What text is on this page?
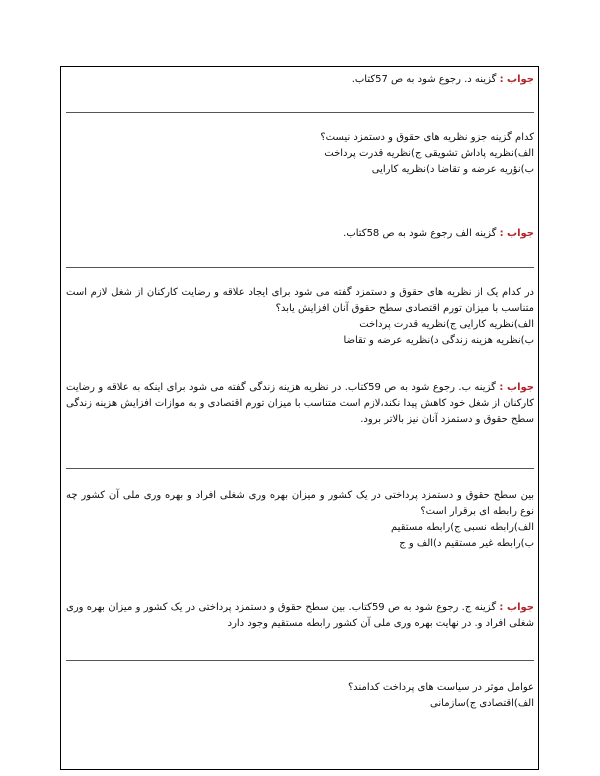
جواب : گزینه د. رجوع شود به ص 57کتاب.

کدام گزینه جزو نظریه های حقوق و دستمزد نیست؟
الف)نظریه پاداش تشویقی ج)نظریه قدرت پرداخت
ب)نؤریه عرضه و تقاضا د)نظریه کارایی

جواب : گزینه الف رجوع شود به ص 58کتاب.

در کدام یک از نظریه های حقوق و دستمزد گفته می شود برای ایجاد علاقه و رضایت کارکنان از شغل لازم است متناسب با میزان تورم اقتصادی سطح حقوق آنان افزایش یابد؟
الف)نظریه کارایی ج)نظریه قدرت پرداخت
ب)نظریه هزینه زندگی د)نظریه عرضه و تقاضا

جواب : گزینه ب. رجوع شود به ص 59کتاب. در نظریه هزینه زندگی گفته می شود برای اینکه به علاقه و رضایت کارکنان از شغل خود کاهش پیدا نکند،لازم است متناسب با میزان تورم اقتصادی و به موازات افزایش هزینه زندگی سطح حقوق و دستمزد آنان نیز بالاتر برود.

بین سطح حقوق و دستمزد پرداختی در یک کشور و میزان بهره وری شغلی افراد و بهره وری ملی آن کشور چه نوع رابطه ای برقرار است؟
الف)رابطه نسبی ج)رابطه مستقیم
ب)رابطه غیر مستقیم د)الف و ج

جواب : گزینه ج. رجوع شود به ص 59کتاب. بین سطح حقوق و دستمزد پرداختی در یک کشور و میزان بهره وری شغلی افراد و. در نهایت بهره وری ملی آن کشور رابطه مستقیم وجود دارد

عوامل موثر در سیاست های پرداخت کدامند؟
الف)اقتصادی ج)سازمانی
